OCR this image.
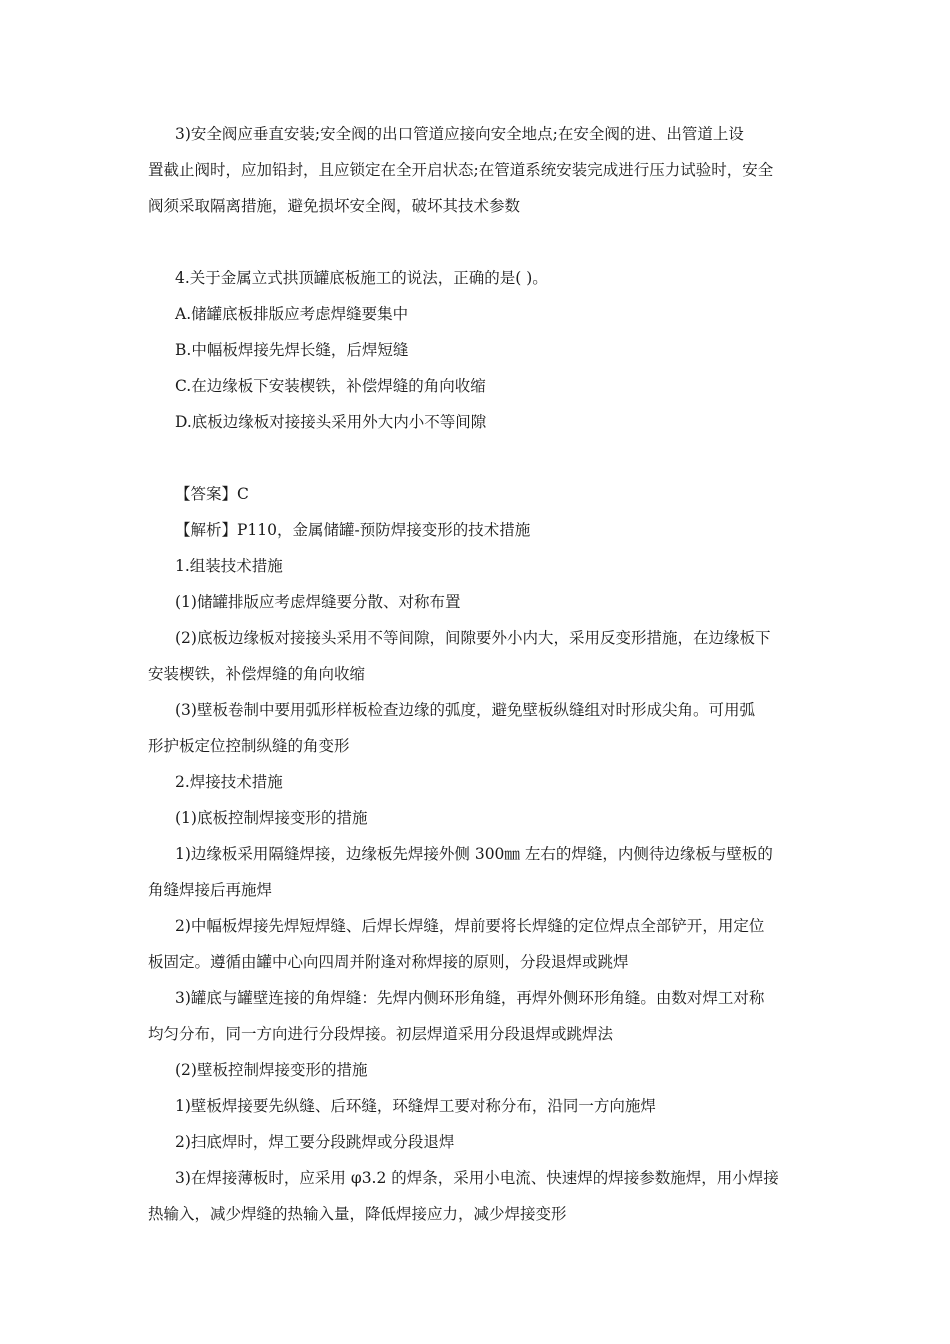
3)安全阀应垂直安装;安全阀的出口管道应接向安全地点;在安全阀的进、出管道上设
置截止阀时，应加铅封，且应锁定在全开启状态;在管道系统安装完成进行压力试验时，安全
阀须采取隔离措施，避免损坏安全阀，破坏其技术参数
4.关于金属立式拱顶罐底板施工的说法，正确的是( )。
A.储罐底板排版应考虑焊缝要集中
B.中幅板焊接先焊长缝，后焊短缝
C.在边缘板下安装楔铁，补偿焊缝的角向收缩
D.底板边缘板对接接头采用外大内小不等间隙
【答案】C
【解析】P110，金属储罐-预防焊接变形的技术措施
1.组装技术措施
(1)储罐排版应考虑焊缝要分散、对称布置
(2)底板边缘板对接接头采用不等间隙，间隙要外小内大，采用反变形措施，在边缘板下
安装楔铁，补偿焊缝的角向收缩
(3)壁板卷制中要用弧形样板检查边缘的弧度，避免壁板纵缝组对时形成尖角。可用弧
形护板定位控制纵缝的角变形
2.焊接技术措施
(1)底板控制焊接变形的措施
1)边缘板采用隔缝焊接，边缘板先焊接外侧 300㎜ 左右的焊缝，内侧待边缘板与壁板的
角缝焊接后再施焊
2)中幅板焊接先焊短焊缝、后焊长焊缝，焊前要将长焊缝的定位焊点全部铲开，用定位
板固定。遵循由罐中心向四周并附逢对称焊接的原则，分段退焊或跳焊
3)罐底与罐壁连接的角焊缝：先焊内侧环形角缝，再焊外侧环形角缝。由数对焊工对称
均匀分布，同一方向进行分段焊接。初层焊道采用分段退焊或跳焊法
(2)壁板控制焊接变形的措施
1)壁板焊接要先纵缝、后环缝，环缝焊工要对称分布，沿同一方向施焊
2)扫底焊时，焊工要分段跳焊或分段退焊
3)在焊接薄板时，应采用 φ3.2 的焊条，采用小电流、快速焊的焊接参数施焊，用小焊接
热输入，减少焊缝的热输入量，降低焊接应力，减少焊接变形
